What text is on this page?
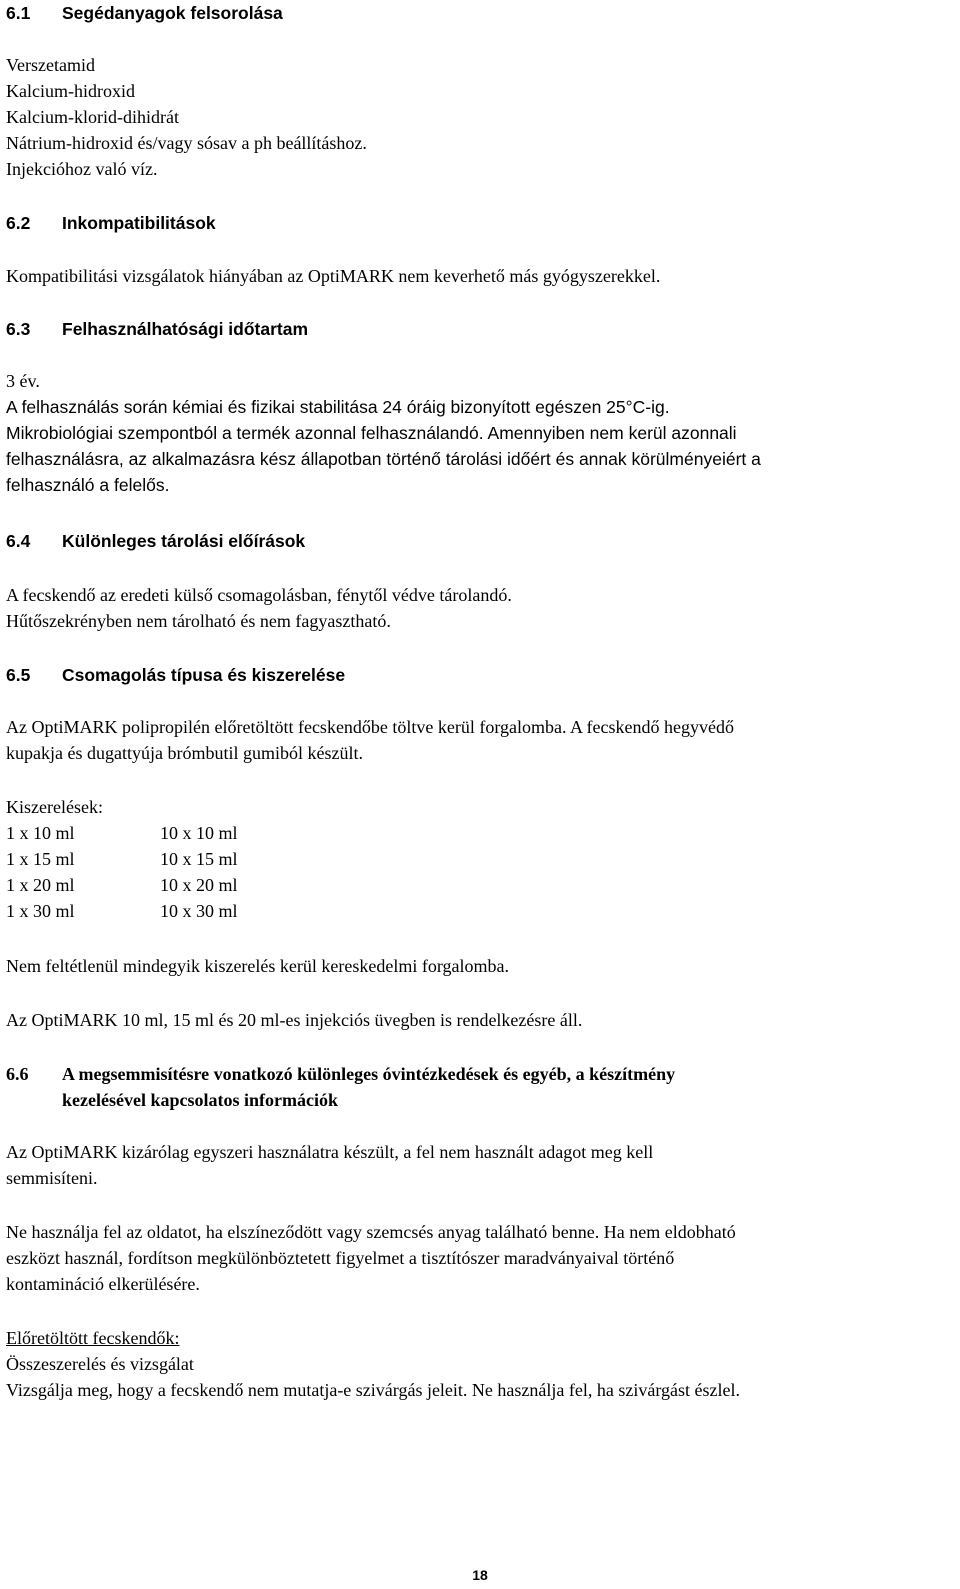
6.1 Segédanyagok felsorolása
Verszetamid
Kalcium-hidroxid
Kalcium-klorid-dihidrát
Nátrium-hidroxid és/vagy sósav a ph beállításhoz.
Injekcióhoz való víz.
6.2 Inkompatibilitások
Kompatibilitási vizsgálatok hiányában az OptiMARK nem keverhető más gyógyszerekkel.
6.3 Felhasználhatósági időtartam
3 év.
A felhasználás során kémiai és fizikai stabilitása 24 óráig bizonyított egészen 25°C-ig.
Mikrobiológiai szempontból a termék azonnal felhasználandó. Amennyiben nem kerül azonnali
felhasználásra, az alkalmazásra kész állapotban történő tárolási időért és annak körülményeiért a
felhasználó a felelős.
6.4 Különleges tárolási előírások
A fecskendő az eredeti külső csomagolásban, fénytől védve tárolandó.
Hűtőszekrényben nem tárolható és nem fagyasztható.
6.5 Csomagolás típusa és kiszerelése
Az OptiMARK polipropilén előretöltött fecskendőbe töltve kerül forgalomba. A fecskendő hegyvédő
kupakja és dugattyúja brómbutil gumiból készült.
Kiszerelések:
1 x 10 ml	10 x 10 ml
1 x 15 ml	10 x 15 ml
1 x 20 ml	10 x 20 ml
1 x 30 ml	10 x 30 ml
Nem feltétlenül mindegyik kiszerelés kerül kereskedelmi forgalomba.
Az OptiMARK 10 ml, 15 ml és 20 ml-es injekciós üvegben is rendelkezésre áll.
6.6 A megsemmisítésre vonatkozó különleges óvintézkedések és egyéb, a készítmény
kezelésével kapcsolatos információk
Az OptiMARK kizárólag egyszeri használatra készült, a fel nem használt adagot meg kell
semmisíteni.
Ne használja fel az oldatot, ha elszíneződött vagy szemcsés anyag található benne. Ha nem eldobható
eszközt használ, fordítson megkülönböztetett figyelmet a tisztítószer maradványaival történő
kontamináció elkerülésére.
Előretöltött fecskendők:
Összeszerelés és vizsgálat
Vizsgálja meg, hogy a fecskendő nem mutatja-e szivárgás jeleit. Ne használja fel, ha szivárgást észlel.
18
